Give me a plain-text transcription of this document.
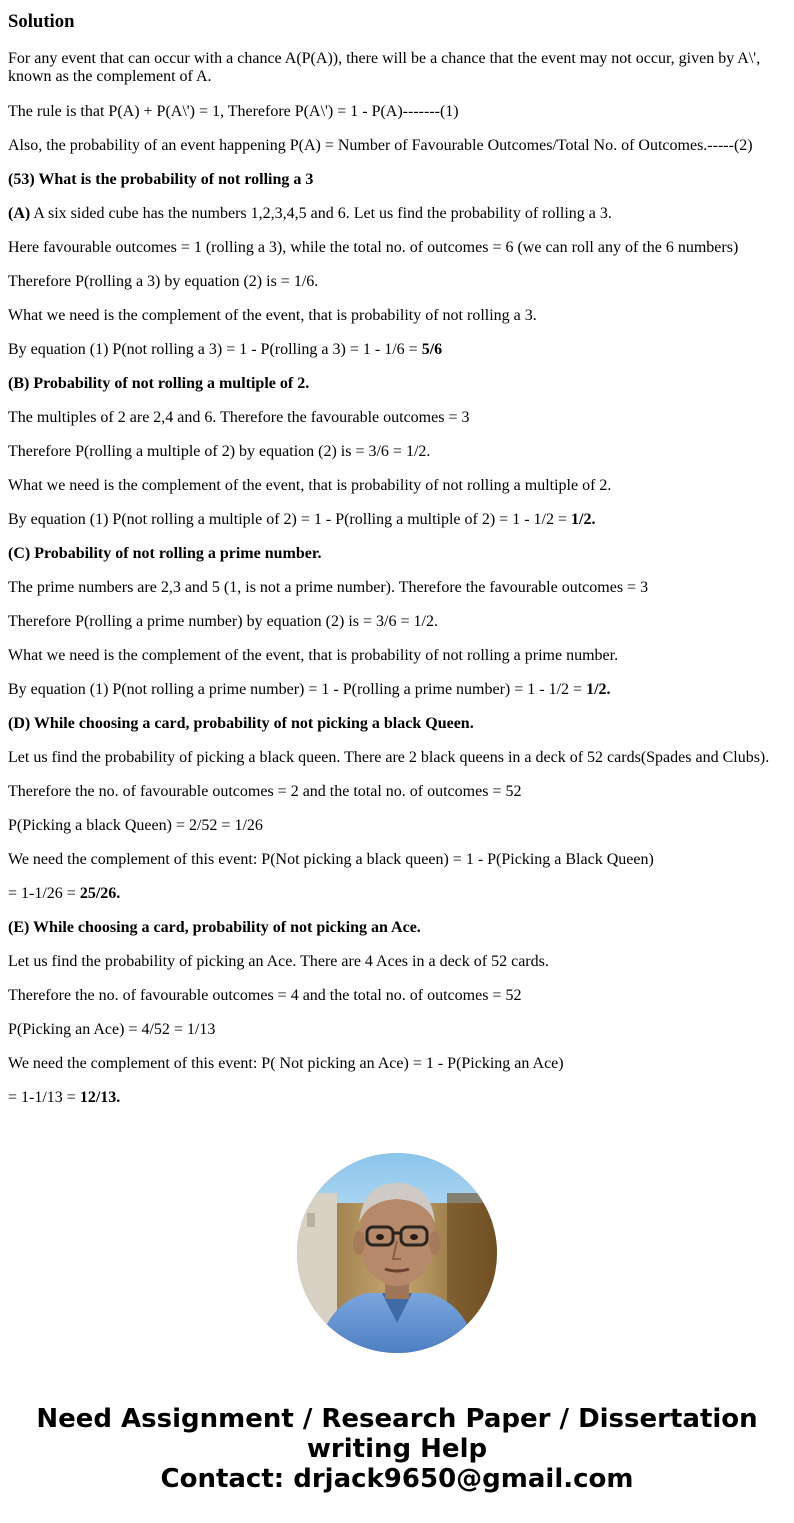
Solution

For any event that can occur with a chance A(P(A)), there will be a chance that the event may not occur, given by A\', known as the complement of A.

The rule is that P(A) + P(A\') = 1, Therefore P(A\') = 1 - P(A)-------(1)

Also, the probability of an event happening P(A) = Number of Favourable Outcomes/Total No. of Outcomes.-----(2)

(53) What is the probability of not rolling a 3

(A) A six sided cube has the numbers 1,2,3,4,5 and 6. Let us find the probability of rolling a 3.

Here favourable outcomes = 1 (rolling a 3), while the total no. of outcomes = 6 (we can roll any of the 6 numbers)

Therefore P(rolling a 3) by equation (2) is = 1/6.

What we need is the complement of the event, that is probability of not rolling a 3.

By equation (1) P(not rolling a 3) = 1 - P(rolling a 3) = 1 - 1/6 = 5/6

(B) Probability of not rolling a multiple of 2.

The multiples of 2 are 2,4 and 6. Therefore the favourable outcomes = 3

Therefore P(rolling a multiple of 2) by equation (2) is = 3/6 = 1/2.

What we need is the complement of the event, that is probability of not rolling a multiple of 2.

By equation (1) P(not rolling a multiple of 2) = 1 - P(rolling a multiple of 2) = 1 - 1/2 = 1/2.

(C) Probability of not rolling a prime number.

The prime numbers are 2,3 and 5 (1, is not a prime number). Therefore the favourable outcomes = 3

Therefore P(rolling a prime number) by equation (2) is = 3/6 = 1/2.

What we need is the complement of the event, that is probability of not rolling a prime number.

By equation (1) P(not rolling a prime number) = 1 - P(rolling a prime number) = 1 - 1/2 = 1/2.

(D) While choosing a card, probability of not picking a black Queen.

Let us find the probability of picking a black queen. There are 2 black queens in a deck of 52 cards(Spades and Clubs).

Therefore the no. of favourable outcomes = 2 and the total no. of outcomes = 52

P(Picking a black Queen) = 2/52 = 1/26

We need the complement of this event: P(Not picking a black queen) = 1 - P(Picking a Black Queen)

= 1-1/26 = 25/26.

(E) While choosing a card, probability of not picking an Ace.

Let us find the probability of picking an Ace. There are 4 Aces in a deck of 52 cards.

Therefore the no. of favourable outcomes = 4 and the total no. of outcomes = 52

P(Picking an Ace) = 4/52 = 1/13

We need the complement of this event: P( Not picking an Ace) = 1 - P(Picking an Ace)

= 1-1/13 = 12/13.

Need Assignment / Research Paper / Dissertation
writing Help
Contact: drjack9650@gmail.com
